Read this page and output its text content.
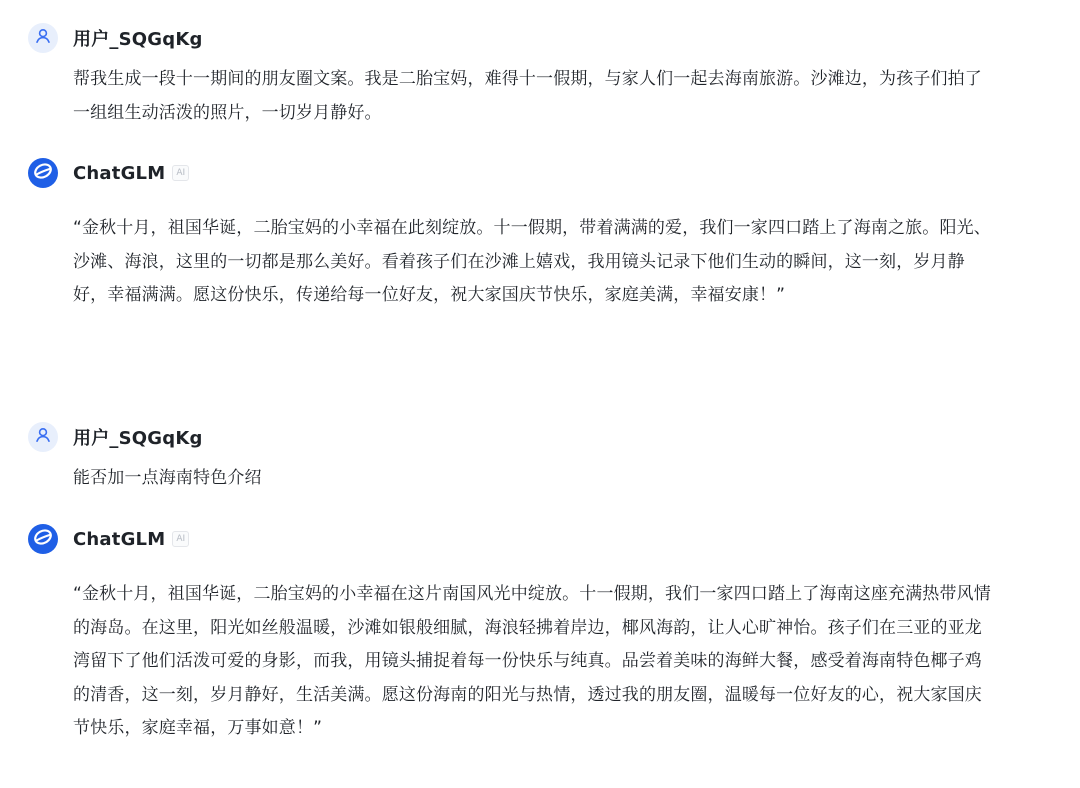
用户_SQGqKg

帮我生成一段十一期间的朋友圈文案。我是二胎宝妈，难得十一假期，与家人们一起去海南旅游。沙滩边，为孩子们拍了一组组生动活泼的照片，一切岁月静好。

ChatGLM	AI

“金秋十月，祖国华诞，二胎宝妈的小幸福在此刻绽放。十一假期，带着满满的爱，我们一家四口踏上了海南之旅。阳光、沙滩、海浪，这里的一切都是那么美好。看着孩子们在沙滩上嬉戏，我用镜头记录下他们生动的瞬间，这一刻，岁月静好，幸福满满。愿这份快乐，传递给每一位好友，祝大家国庆节快乐，家庭美满，幸福安康！”

用户_SQGqKg

能否加一点海南特色介绍

ChatGLM	AI

“金秋十月，祖国华诞，二胎宝妈的小幸福在这片南国风光中绽放。十一假期，我们一家四口踏上了海南这座充满热带风情的海岛。在这里，阳光如丝般温暖，沙滩如银般细腻，海浪轻拂着岸边，椰风海韵，让人心旷神怡。孩子们在三亚的亚龙湾留下了他们活泼可爱的身影，而我，用镜头捕捉着每一份快乐与纯真。品尝着美味的海鲜大餐，感受着海南特色椰子鸡的清香，这一刻，岁月静好，生活美满。愿这份海南的阳光与热情，透过我的朋友圈，温暖每一位好友的心，祝大家国庆节快乐，家庭幸福，万事如意！”
